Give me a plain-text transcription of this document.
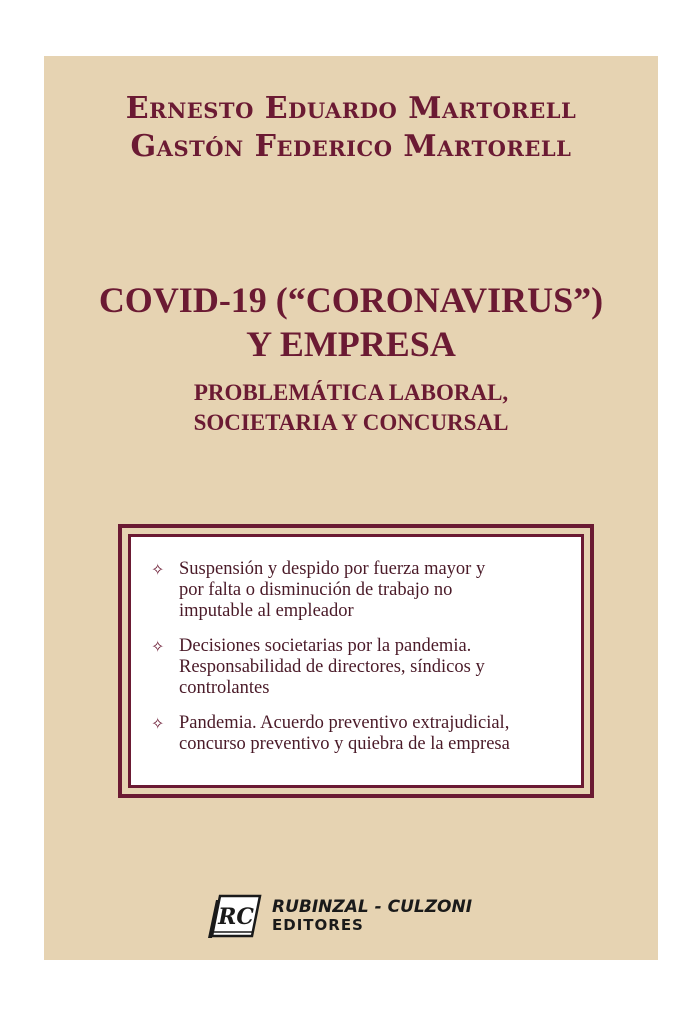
Ernesto Eduardo Martorell
Gastón Federico Martorell
COVID-19 (“CORONAVIRUS”)
Y EMPRESA
PROBLEMÁTICA LABORAL,
SOCIETARIA Y CONCURSAL
✧ Suspensión y despido por fuerza mayor y
por falta o disminución de trabajo no
imputable al empleador
✧ Decisiones societarias por la pandemia.
Responsabilidad de directores, síndicos y
controlantes
✧ Pandemia. Acuerdo preventivo extrajudicial,
concurso preventivo y quiebra de la empresa
RC RUBINZAL - CULZONI
EDITORES
